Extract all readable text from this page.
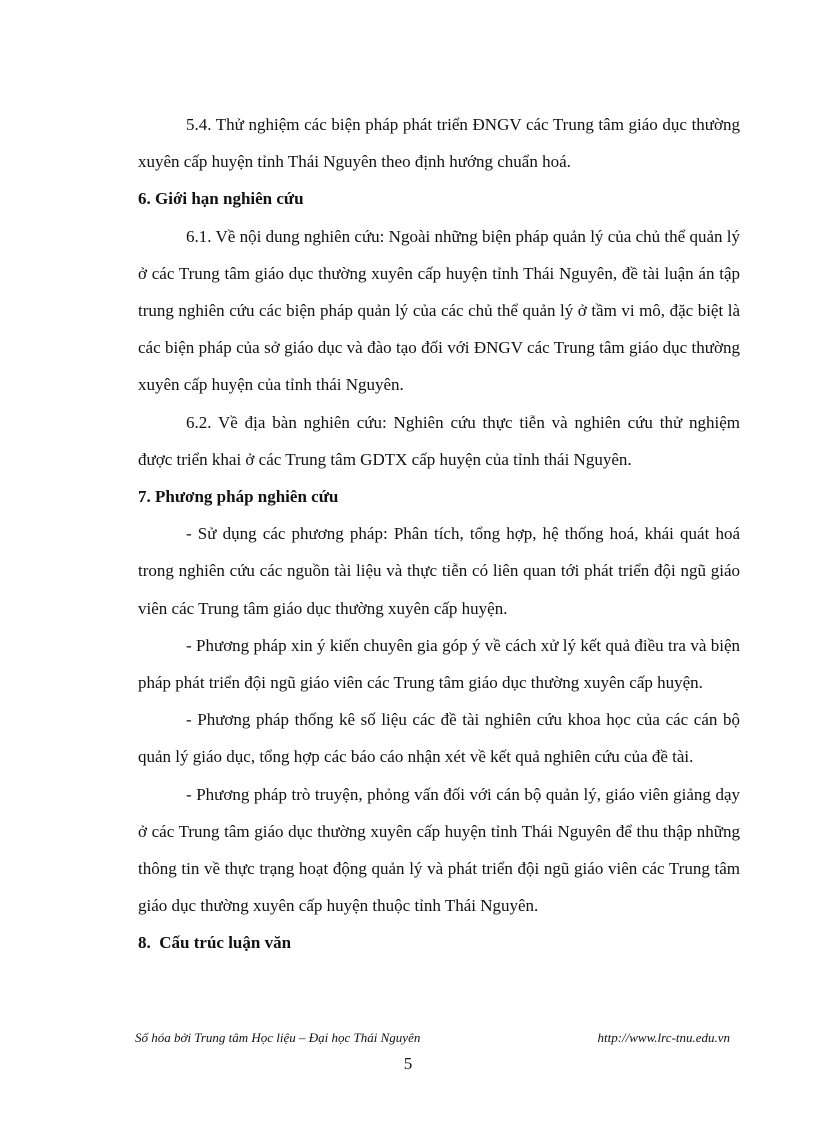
5.4. Thử nghiệm các biện pháp phát triển ĐNGV các Trung tâm giáo dục thường xuyên cấp huyện tỉnh Thái Nguyên theo định hướng chuẩn hoá.

6. Giới hạn nghiên cứu

6.1. Về nội dung nghiên cứu: Ngoài những biện pháp quản lý của chủ thể quản lý ở các Trung tâm giáo dục thường xuyên cấp huyện tỉnh Thái Nguyên, đề tài luận án tập trung nghiên cứu các biện pháp quản lý của các chủ thể quản lý ở tầm vi mô, đặc biệt là các biện pháp của sở giáo dục và đào tạo đối với ĐNGV các Trung tâm giáo dục thường xuyên cấp huyện của tỉnh thái Nguyên.

6.2. Về địa bàn nghiên cứu: Nghiên cứu thực tiễn và nghiên cứu thử nghiệm được triển khai ở các Trung tâm GDTX cấp huyện của tỉnh thái Nguyên.

7. Phương pháp nghiên cứu

- Sử dụng các phương pháp: Phân tích, tổng hợp, hệ thống hoá, khái quát hoá trong nghiên cứu các nguồn tài liệu và thực tiễn có liên quan tới phát triển đội ngũ giáo viên các Trung tâm giáo dục thường xuyên cấp huyện.

- Phương pháp xin ý kiến chuyên gia góp ý về cách xử lý kết quả điều tra và biện pháp phát triển đội ngũ giáo viên các Trung tâm giáo dục thường xuyên cấp huyện.

- Phương pháp thống kê số liệu các đề tài nghiên cứu khoa học của các cán bộ quản lý giáo dục, tổng hợp các báo cáo nhận xét về kết quả nghiên cứu của đề tài.

- Phương pháp trò truyện, phỏng vấn đối với cán bộ quản lý, giáo viên giảng dạy ở các Trung tâm giáo dục thường xuyên cấp huyện tỉnh Thái Nguyên để thu thập những thông tin về thực trạng hoạt động quản lý và phát triển đội ngũ giáo viên các Trung tâm giáo dục thường xuyên cấp huyện thuộc tỉnh Thái Nguyên.

8.  Cấu trúc luận văn

Số hóa bởi Trung tâm Học liệu – Đại học Thái Nguyên	http://www.lrc-tnu.edu.vn
5
